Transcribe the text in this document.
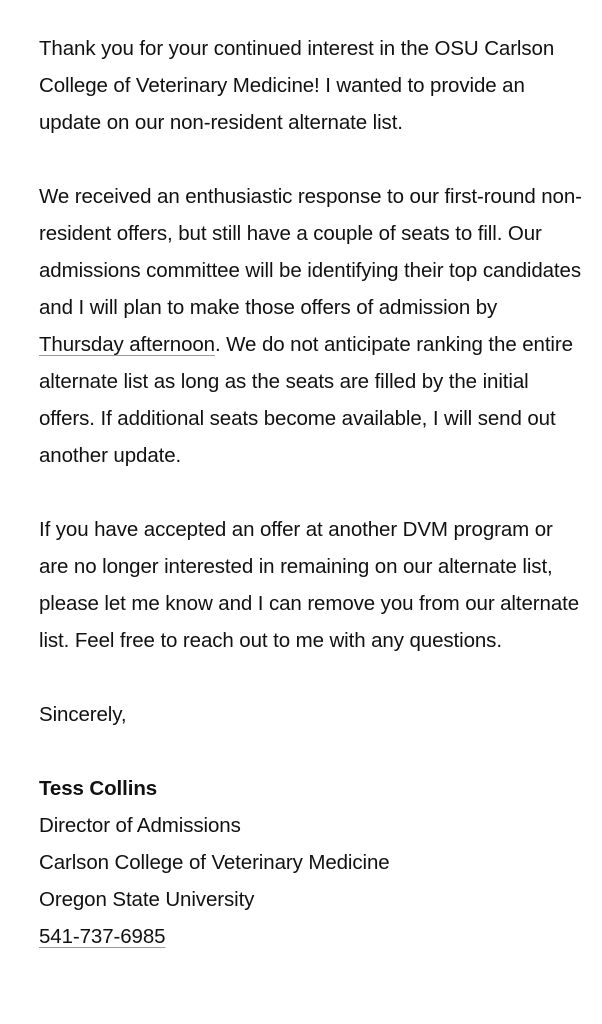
Thank you for your continued interest in the OSU Carlson College of Veterinary Medicine! I wanted to provide an update on our non-resident alternate list.

We received an enthusiastic response to our first-round non-resident offers, but still have a couple of seats to fill. Our admissions committee will be identifying their top candidates and I will plan to make those offers of admission by Thursday afternoon. We do not anticipate ranking the entire alternate list as long as the seats are filled by the initial offers. If additional seats become available, I will send out another update.

If you have accepted an offer at another DVM program or are no longer interested in remaining on our alternate list, please let me know and I can remove you from our alternate list. Feel free to reach out to me with any questions.

Sincerely,

Tess Collins

Director of Admissions

Carlson College of Veterinary Medicine

Oregon State University

541-737-6985
